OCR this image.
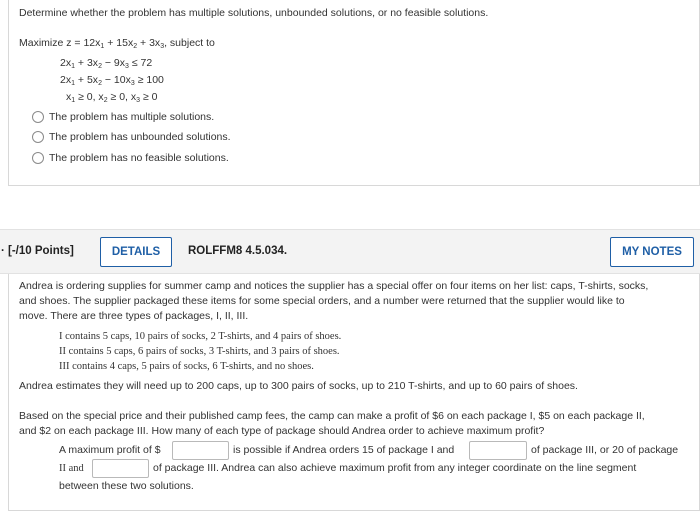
Determine whether the problem has multiple solutions, unbounded solutions, or no feasible solutions.
Maximize $z = 12x_1 + 15x_2 + 3x_3$, subject to
$2x_1 + 3x_2 - 9x_3 \le 72$
$2x_1 + 5x_2 - 10x_3 \ge 100$
$x_1 \ge 0$, $x_2 \ge 0$, $x_3 \ge 0$
The problem has multiple solutions.
The problem has unbounded solutions.
The problem has no feasible solutions.
· [-/10 Points]	DETAILS	ROLFFM8 4.5.034.	MY NOTES
Andrea is ordering supplies for summer camp and notices the supplier has a special offer on four items on her list: caps, T-shirts, socks,
and shoes. The supplier packaged these items for some special orders, and a number were returned that the supplier would like to
move. There are three types of packages, I, II, III.
I contains 5 caps, 10 pairs of socks, 2 T-shirts, and 4 pairs of shoes.
II contains 5 caps, 6 pairs of socks, 3 T-shirts, and 3 pairs of shoes.
III contains 4 caps, 5 pairs of socks, 6 T-shirts, and no shoes.
Andrea estimates they will need up to 200 caps, up to 300 pairs of socks, up to 210 T-shirts, and up to 60 pairs of shoes.
Based on the special price and their published camp fees, the camp can make a profit of $6 on each package I, $5 on each package II,
and $2 on each package III. How many of each type of package should Andrea order to achieve maximum profit?
A maximum profit of $	is possible if Andrea orders 15 of package I and	of package III, or 20 of package
II and	of package III. Andrea can also achieve maximum profit from any integer coordinate on the line segment
between these two solutions.
